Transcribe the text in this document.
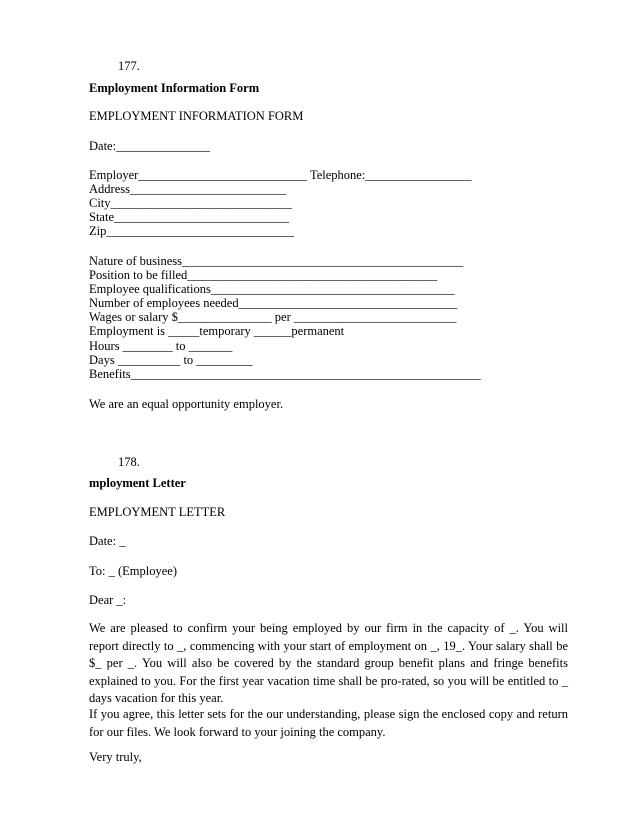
177.
Employment Information Form
EMPLOYMENT INFORMATION FORM
Date:_______________
Employer___________________________ Telephone:_________________
Address_________________________
City_____________________________
State____________________________
Zip______________________________
Nature of business_____________________________________________
Position to be filled________________________________________
Employee qualifications_______________________________________
Number of employees needed___________________________________
Wages or salary $_______________ per __________________________
Employment is _____temporary ______permanent
Hours ________ to _______
Days __________ to _________
Benefits________________________________________________________
We are an equal opportunity employer.
178.
mployment Letter
EMPLOYMENT LETTER
Date: _
To: _ (Employee)
Dear _:
We are pleased to confirm your being employed by our firm in the capacity of _. You will report directly to _, commencing with your start of employment on _, 19_. Your salary shall be $_ per _. You will also be covered by the standard group benefit plans and fringe benefits explained to you. For the first year vacation time shall be pro-rated, so you will be entitled to _ days vacation for this year.
If you agree, this letter sets for the our understanding, please sign the enclosed copy and return for our files. We look forward to your joining the company.
Very truly,
